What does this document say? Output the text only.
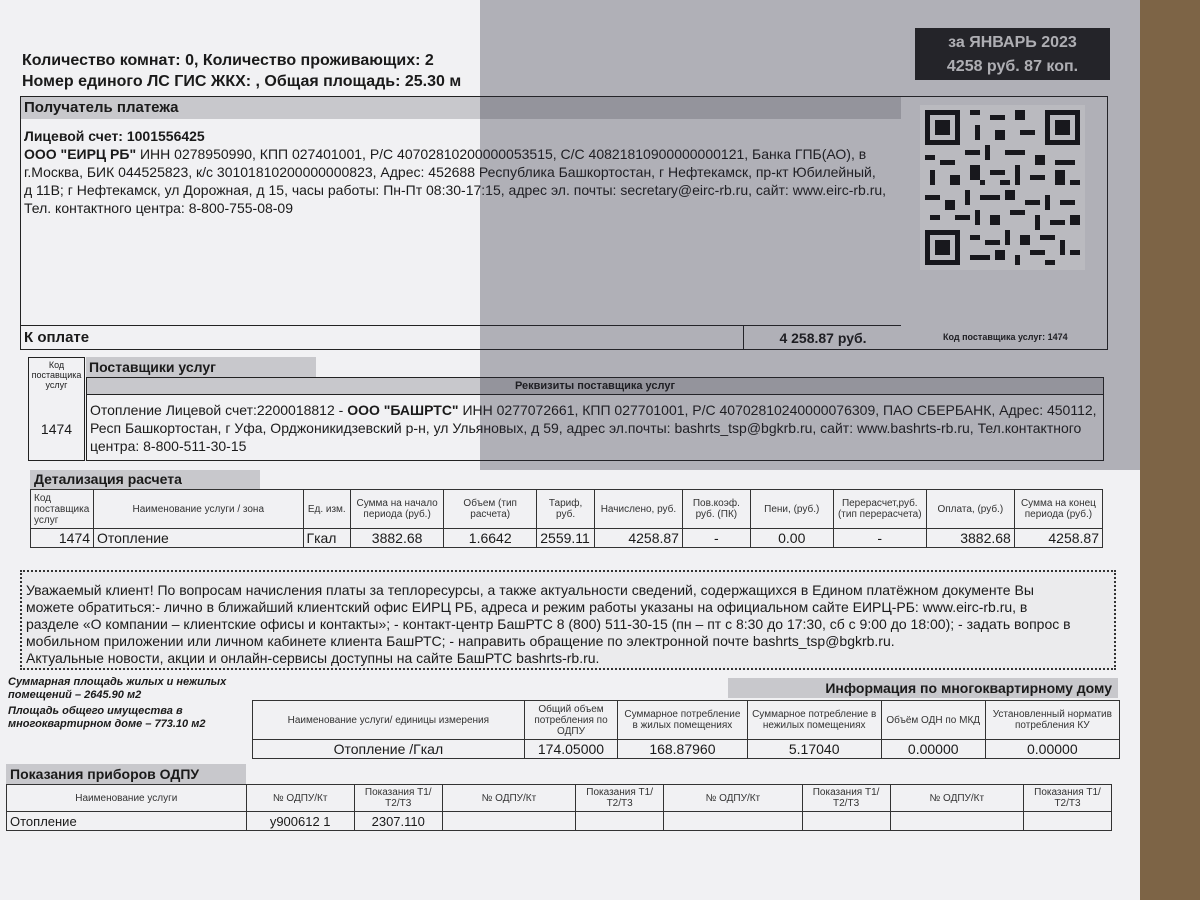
Количество комнат: 0, Количество проживающих: 2
Номер единого ЛС ГИС ЖКХ: , Общая площадь: 25.30 м
за ЯНВАРЬ 2023
4258 руб. 87 коп.
Получатель платежа
Лицевой счет: 1001556425
ООО "ЕИРЦ РБ" ИНН 0278950990, КПП 027401001, Р/С 40702810200000053515, С/С 40821810900000000121, Банка ГПБ(АО), в
г.Москва, БИК 044525823, к/с 30101810200000000823, Адрес: 452688 Республика Башкортостан, г Нефтекамск, пр-кт Юбилейный,
д 11В; г Нефтекамск, ул Дорожная, д 15, часы работы: Пн-Пт 08:30-17:15, адрес эл. почты: secretary@eirc-rb.ru, сайт: www.eirc-rb.ru,
Тел. контактного центра: 8-800-755-08-09
К оплате	4 258.87 руб.	Код поставщика услуг: 1474
Код поставщика услуг
1474
Поставщики услуг
Реквизиты поставщика услуг
Отопление Лицевой счет:2200018812 - ООО "БАШРТС" ИНН 0277072661, КПП 027701001, Р/С 40702810240000076309, ПАО СБЕРБАНК, Адрес: 450112,
Респ Башкортостан, г Уфа, Орджоникидзевский р-н, ул Ульяновых, д 59, адрес эл.почты: bashrts_tsp@bgkrb.ru, сайт: www.bashrts-rb.ru, Тел.контактного
центра: 8-800-511-30-15
Детализация расчета
Код поставщика услуг	Наименование услуги / зона	Ед. изм.	Сумма на начало периода (руб.)	Объем (тип расчета)	Тариф, руб.	Начислено, руб.	Пов.коэф. руб. (ПК)	Пени, (руб.)	Перерасчет,руб. (тип перерасчета)	Оплата, (руб.)	Сумма на конец периода (руб.)
1474	Отопление	Гкал	3882.68	1.6642	2559.11	4258.87	-	0.00	-	3882.68	4258.87
Уважаемый клиент! По вопросам начисления платы за теплоресурсы, а также актуальности сведений, содержащихся в Едином платёжном документе Вы
можете обратиться:- лично в ближайший клиентский офис ЕИРЦ РБ, адреса и режим работы указаны на официальном сайте ЕИРЦ-РБ: www.eirc-rb.ru, в
разделе «О компании – клиентские офисы и контакты»; - контакт-центр БашРТС 8 (800) 511-30-15 (пн – пт с 8:30 до 17:30, сб с 9:00 до 18:00); - задать вопрос в
мобильном приложении или личном кабинете клиента БашРТС; - направить обращение по электронной почте bashrts_tsp@bgkrb.ru.
Актуальные новости, акции и онлайн-сервисы доступны на сайте БашРТС bashrts-rb.ru.
Суммарная площадь жилых и нежилых помещений – 2645.90 м2
Площадь общего имущества в многоквартирном доме – 773.10 м2
Информация по многоквартирному дому
Наименование услуги/ единицы измерения	Общий объем потребления по ОДПУ	Суммарное потребление в жилых помещениях	Суммарное потребление в нежилых помещениях	Объём ОДН по МКД	Установленный норматив потребления КУ
Отопление /Гкал	174.05000	168.87960	5.17040	0.00000	0.00000
Показания приборов ОДПУ
Наименование услуги	№ ОДПУ/Кт	Показания Т1/Т2/Т3	№ ОДПУ/Кт	Показания Т1/Т2/Т3	№ ОДПУ/Кт	Показания Т1/Т2/Т3	№ ОДПУ/Кт	Показания Т1/Т2/Т3
Отопление	у900612 1	2307.110						
